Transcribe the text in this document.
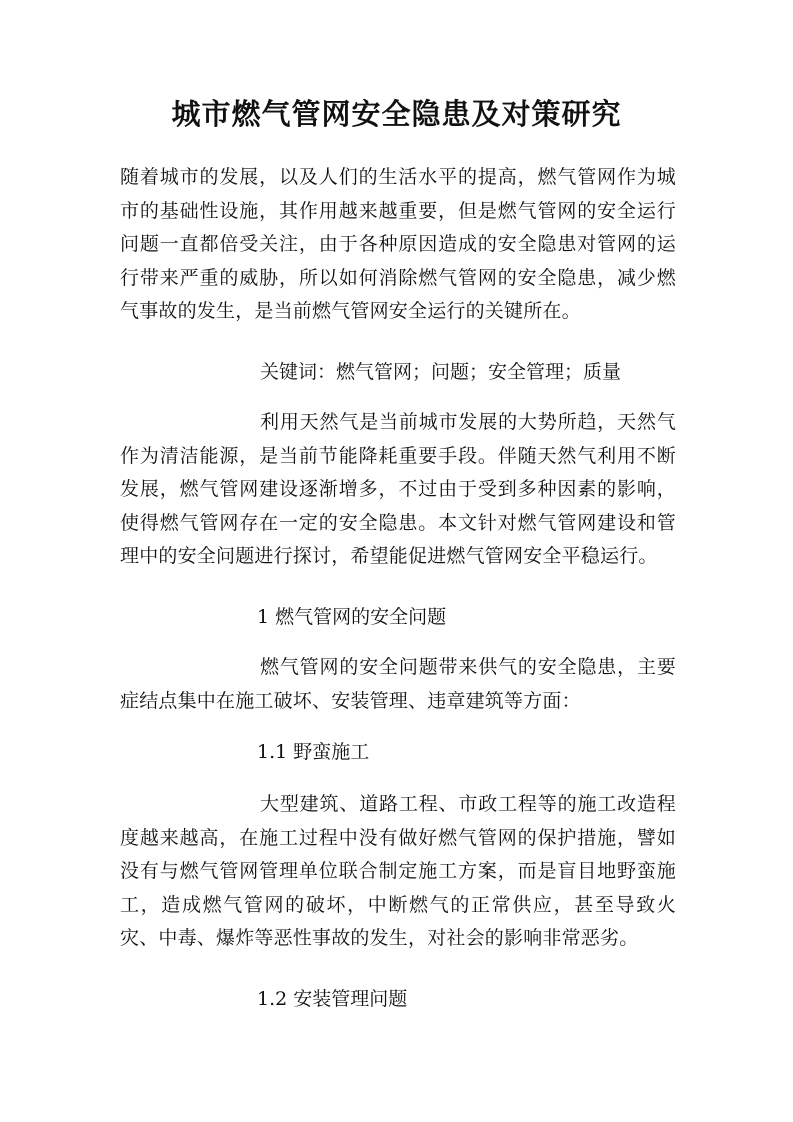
城市燃气管网安全隐患及对策研究

随着城市的发展，以及人们的生活水平的提高，燃气管网作为城市的基础性设施，其作用越来越重要，但是燃气管网的安全运行问题一直都倍受关注，由于各种原因造成的安全隐患对管网的运行带来严重的威胁，所以如何消除燃气管网的安全隐患，减少燃气事故的发生，是当前燃气管网安全运行的关键所在。

关键词：燃气管网；问题；安全管理；质量

利用天然气是当前城市发展的大势所趋，天然气作为清洁能源，是当前节能降耗重要手段。伴随天然气利用不断发展，燃气管网建设逐渐增多，不过由于受到多种因素的影响，使得燃气管网存在一定的安全隐患。本文针对燃气管网建设和管理中的安全问题进行探讨，希望能促进燃气管网安全平稳运行。

1 燃气管网的安全问题

燃气管网的安全问题带来供气的安全隐患，主要症结点集中在施工破坏、安装管理、违章建筑等方面：

1.1 野蛮施工

大型建筑、道路工程、市政工程等的施工改造程度越来越高，在施工过程中没有做好燃气管网的保护措施，譬如没有与燃气管网管理单位联合制定施工方案，而是盲目地野蛮施工，造成燃气管网的破坏，中断燃气的正常供应，甚至导致火灾、中毒、爆炸等恶性事故的发生，对社会的影响非常恶劣。

1.2 安装管理问题
